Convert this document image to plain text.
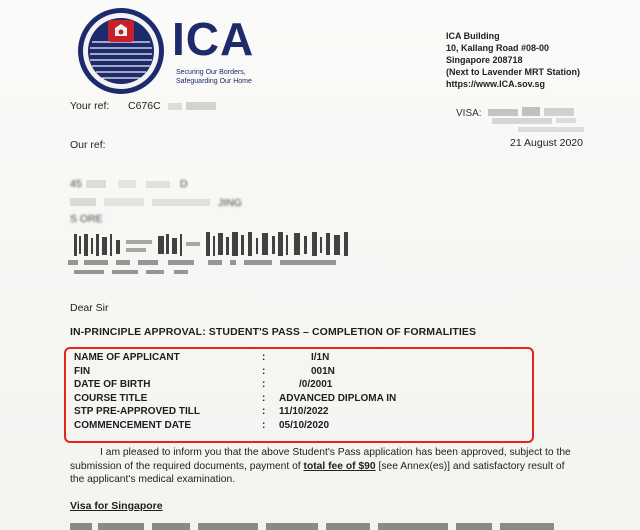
ICA
Securing Our Borders,
Safeguarding Our Home
ICA Building
10, Kallang Road #08-00
Singapore 208718
(Next to Lavender MRT Station)
https://www.ICA.sov.sg
VISA:
21 August 2020
Your ref: C676C
Our ref:
45	D
JING
S ORE
Dear Sir
IN-PRINCIPLE APPROVAL: STUDENT'S PASS – COMPLETION OF FORMALITIES
NAME OF APPLICANT	:	I/1N
FIN	:	001N
DATE OF BIRTH	:	/0/2001
COURSE TITLE	: ADVANCED DIPLOMA IN
STP PRE-APPROVED TILL	: 11/10/2022
COMMENCEMENT DATE	: 05/10/2020
I am pleased to inform you that the above Student's Pass application has been approved, subject to the submission of the required documents, payment of total fee of $90 [see Annex(es)] and satisfactory result of the applicant's medical examination.
Visa for Singapore
